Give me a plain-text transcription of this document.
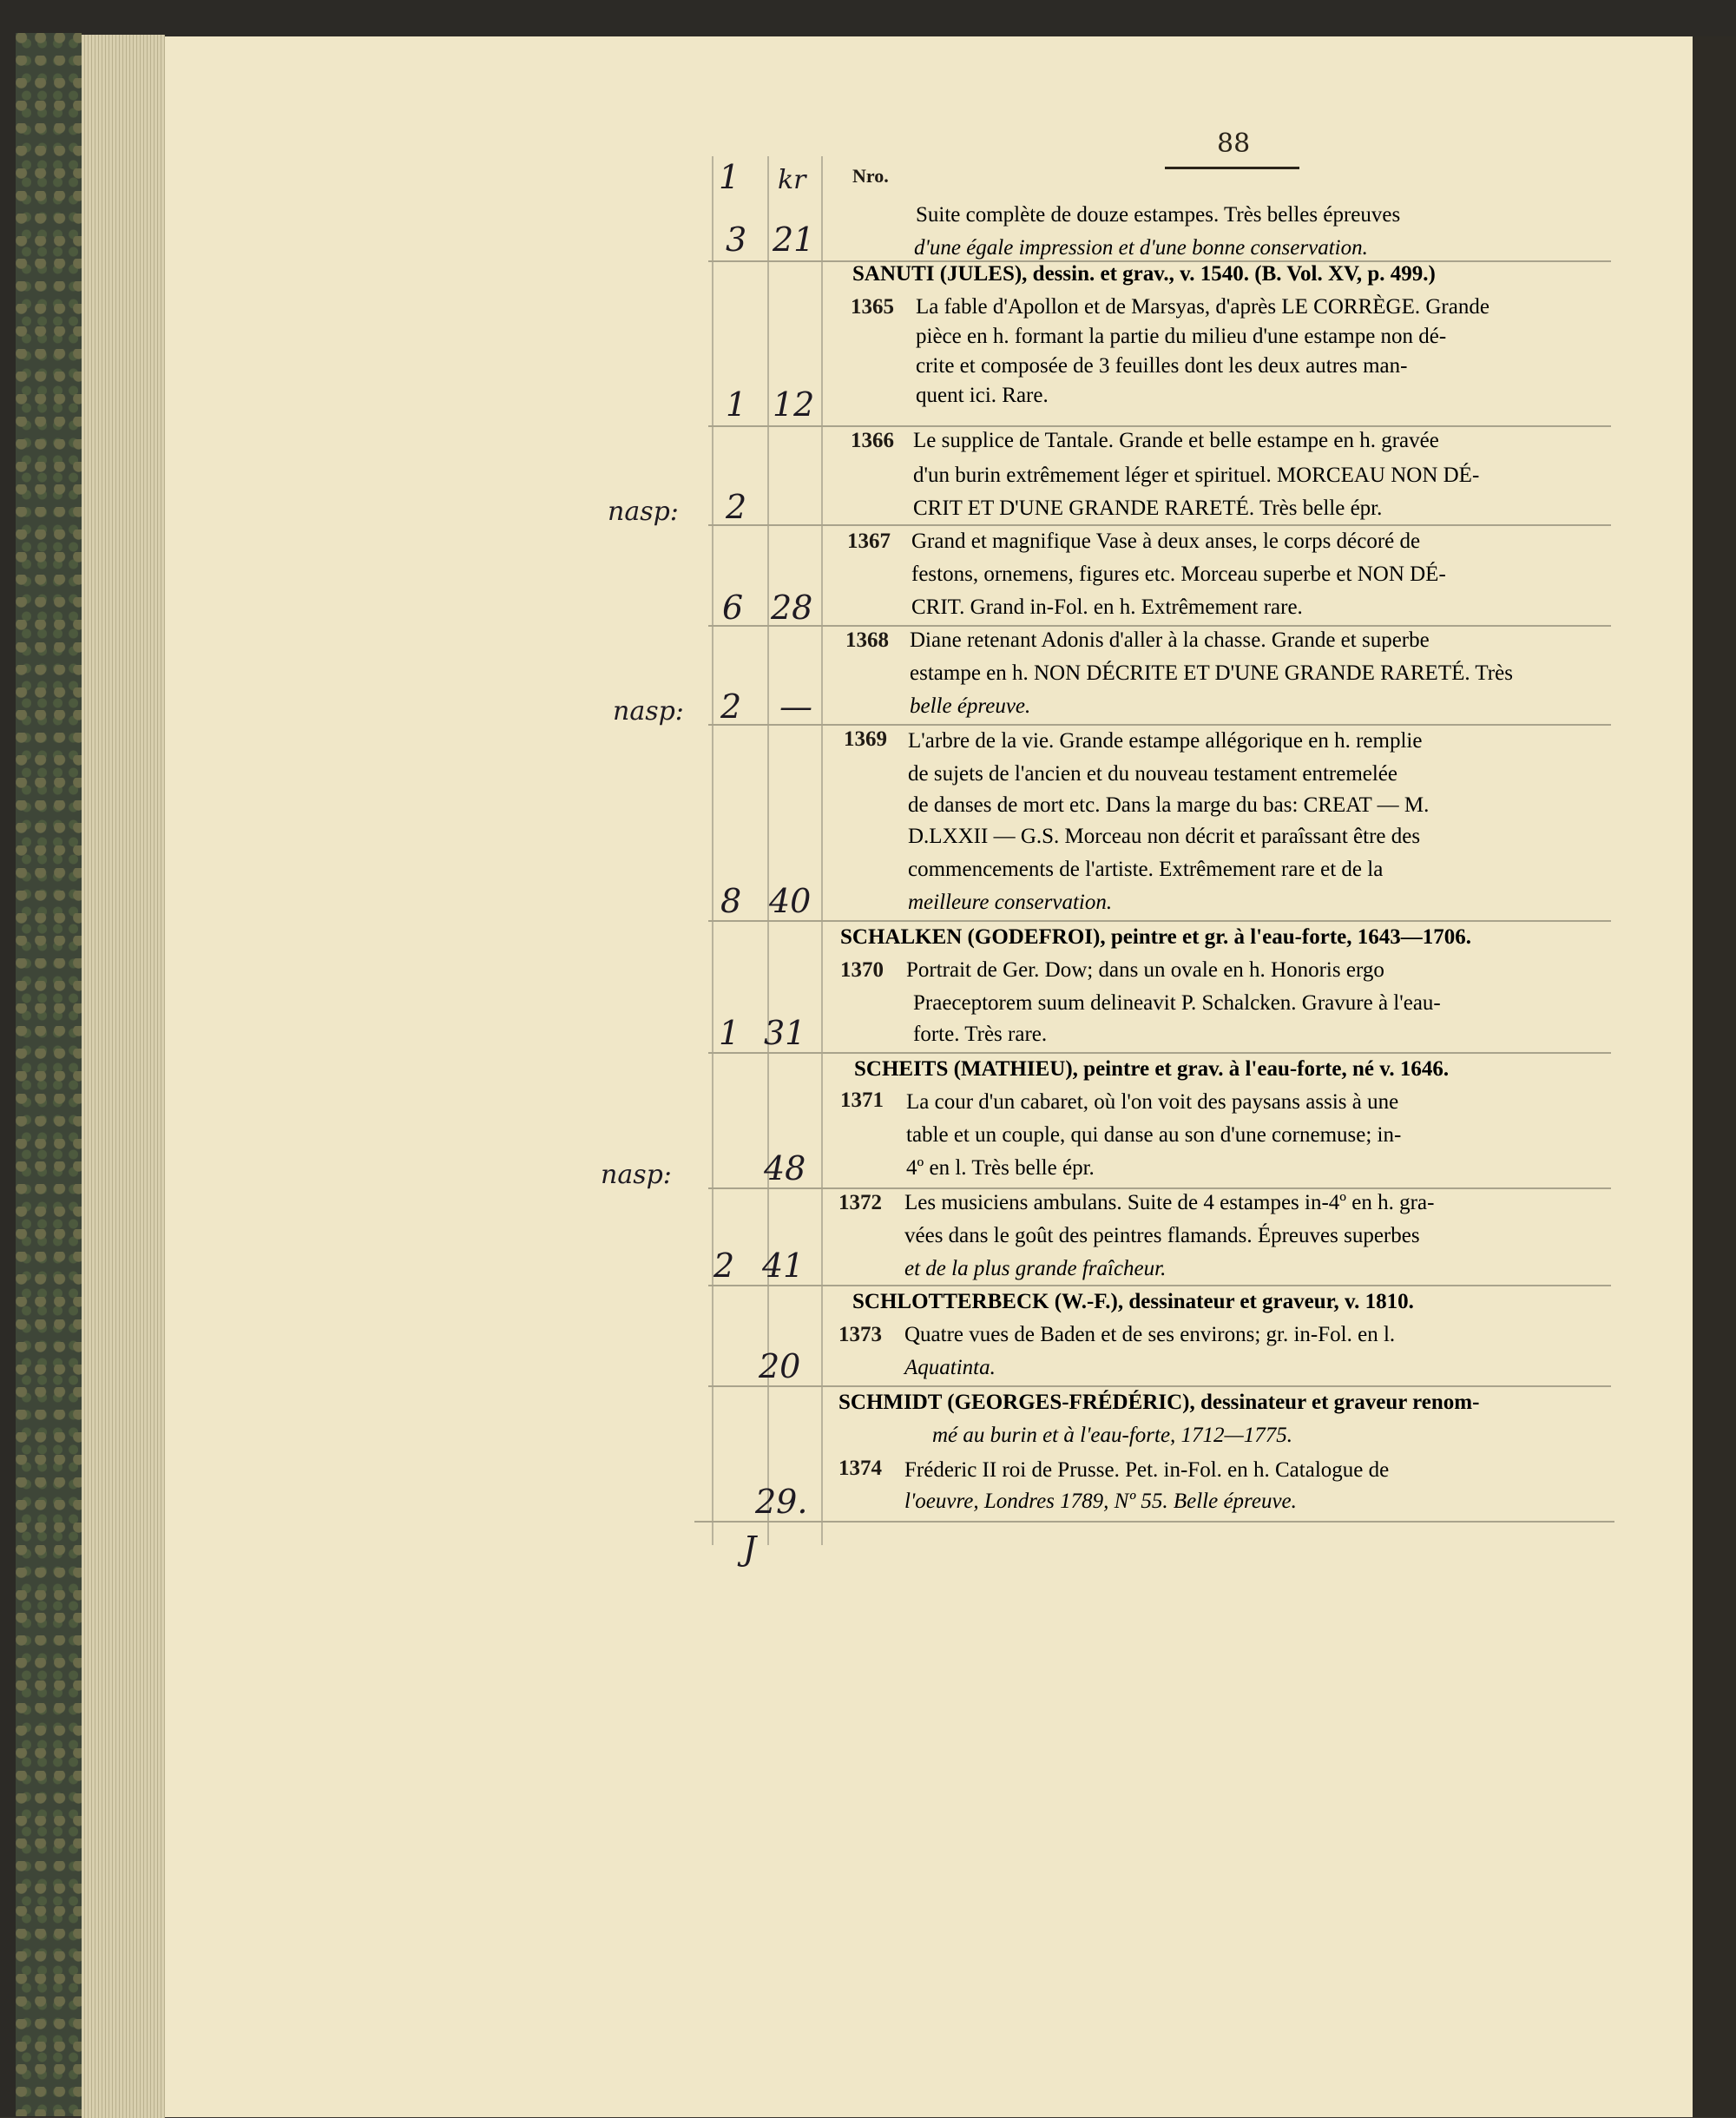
88
1 kr
3 21
1 12
nasp: 2
6 28
nasp: 2 —
8 40
1 31
nasp:	48
2 41
20
29.
J
Nro.
Suite complète de douze estampes. Très belles épreuves
d'une égale impression et d'une bonne conservation.
SANUTI (JULES), dessin. et grav., v. 1540. (B. Vol. XV, p. 499.)
1365 La fable d'Apollon et de Marsyas, d'après LE CORRÈGE. Grande
pièce en h. formant la partie du milieu d'une estampe non dé-
crite et composée de 3 feuilles dont les deux autres man-
quent ici. Rare.
1366 Le supplice de Tantale. Grande et belle estampe en h. gravée
d'un burin extrêmement léger et spirituel. MORCEAU NON DÉ-
CRIT ET D'UNE GRANDE RARETÉ. Très belle épr.
1367 Grand et magnifique Vase à deux anses, le corps décoré de
festons, ornemens, figures etc. Morceau superbe et NON DÉ-
CRIT. Grand in-Fol. en h. Extrêmement rare.
1368 Diane retenant Adonis d'aller à la chasse. Grande et superbe
estampe en h. NON DÉCRITE ET D'UNE GRANDE RARETÉ. Très
belle épreuve.
1369 L'arbre de la vie. Grande estampe allégorique en h. remplie
de sujets de l'ancien et du nouveau testament entremelée
de danses de mort etc. Dans la marge du bas: CREAT — M.
D.LXXII — G.S. Morceau non décrit et paraîssant être des
commencements de l'artiste. Extrêmement rare et de la
meilleure conservation.
SCHALKEN (GODEFROI), peintre et gr. à l'eau-forte, 1643—1706.
1370 Portrait de Ger. Dow; dans un ovale en h. Honoris ergo
Praeceptorem suum delineavit P. Schalcken. Gravure à l'eau-
forte. Très rare.
SCHEITS (MATHIEU), peintre et grav. à l'eau-forte, né v. 1646.
1371 La cour d'un cabaret, où l'on voit des paysans assis à une
table et un couple, qui danse au son d'une cornemuse; in-
4º en l. Très belle épr.
1372 Les musiciens ambulans. Suite de 4 estampes in-4º en h. gra-
vées dans le goût des peintres flamands. Épreuves superbes
et de la plus grande fraîcheur.
SCHLOTTERBECK (W.-F.), dessinateur et graveur, v. 1810.
1373 Quatre vues de Baden et de ses environs; gr. in-Fol. en l.
Aquatinta.
SCHMIDT (GEORGES-FRÉDÉRIC), dessinateur et graveur renom-
mé au burin et à l'eau-forte, 1712—1775.
1374 Fréderic II roi de Prusse. Pet. in-Fol. en h. Catalogue de
l'oeuvre, Londres 1789, Nº 55. Belle épreuve.
